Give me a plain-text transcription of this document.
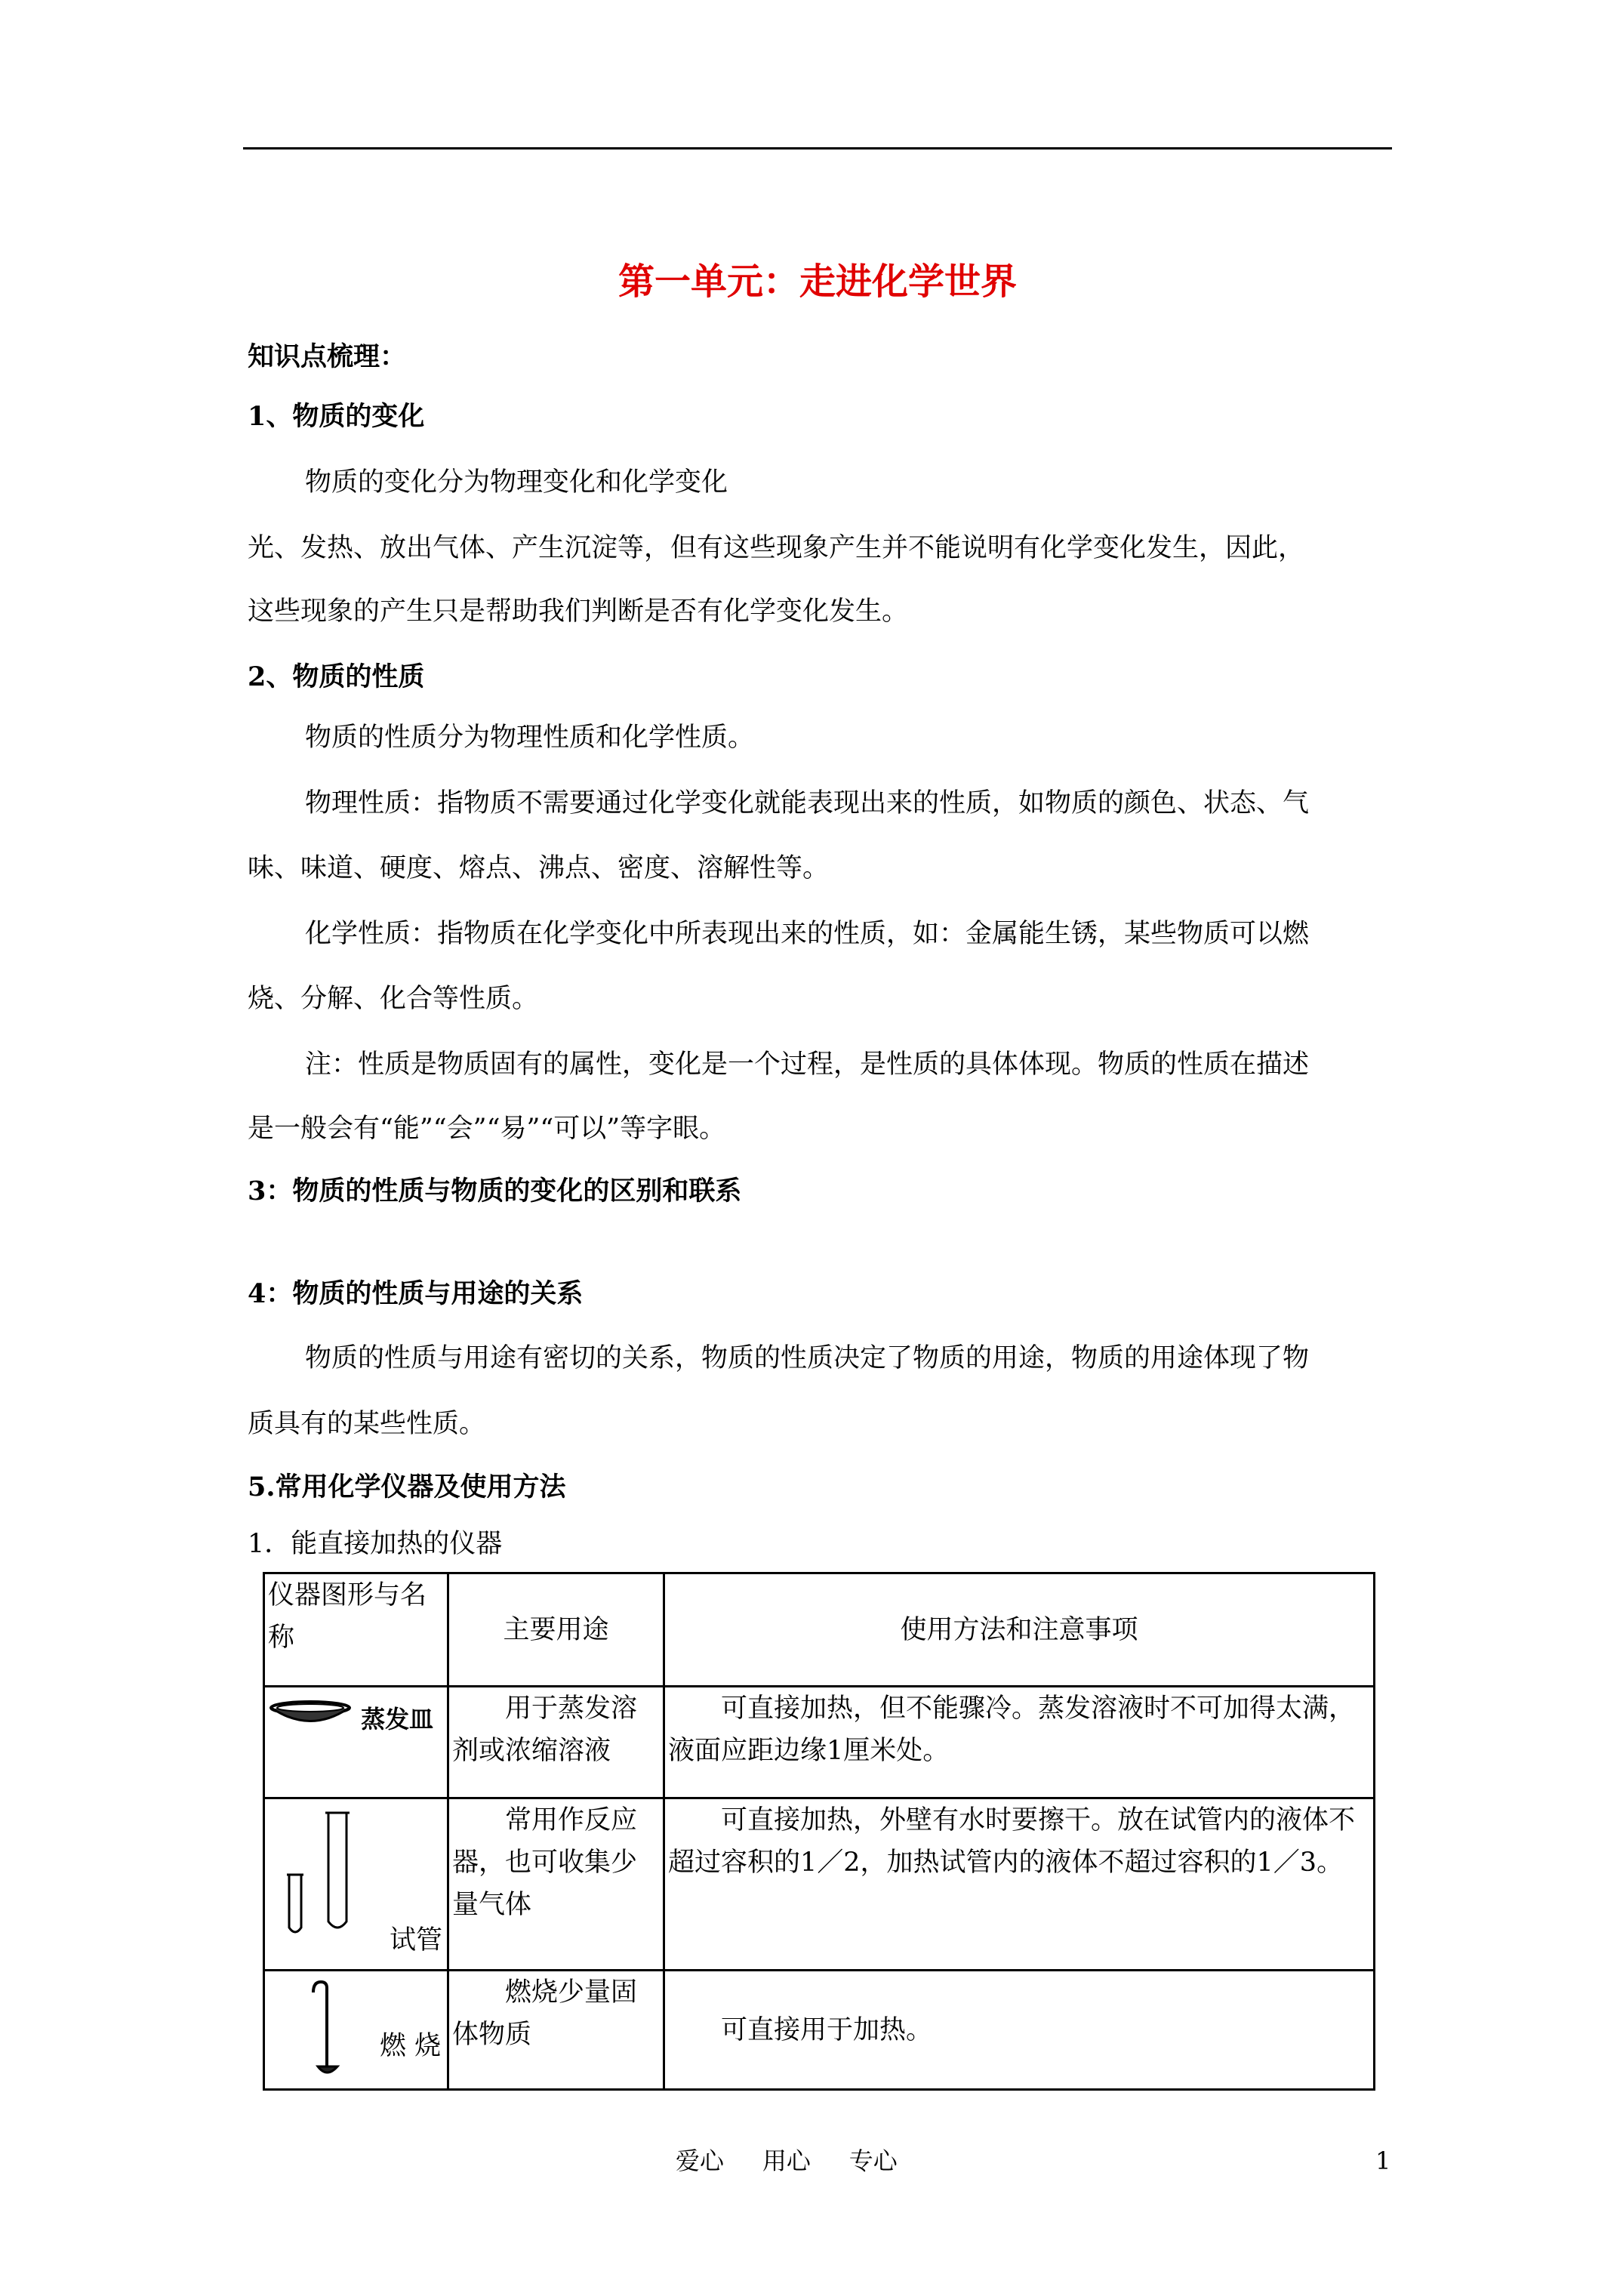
第一单元：走进化学世界
知识点梳理：
1、物质的变化
物质的变化分为物理变化和化学变化
光、发热、放出气体、产生沉淀等，但有这些现象产生并不能说明有化学变化发生，因此，
这些现象的产生只是帮助我们判断是否有化学变化发生。
2、物质的性质
物质的性质分为物理性质和化学性质。
物理性质：指物质不需要通过化学变化就能表现出来的性质，如物质的颜色、状态、气
味、味道、硬度、熔点、沸点、密度、溶解性等。
化学性质：指物质在化学变化中所表现出来的性质，如：金属能生锈，某些物质可以燃
烧、分解、化合等性质。
注：性质是物质固有的属性，变化是一个过程，是性质的具体体现。物质的性质在描述
是一般会有“能”“会”“易”“可以”等字眼。
3：物质的性质与物质的变化的区别和联系
4：物质的性质与用途的关系
物质的性质与用途有密切的关系，物质的性质决定了物质的用途，物质的用途体现了物
质具有的某些性质。
5.常用化学仪器及使用方法
1．能直接加热的仪器
仪器图形与名称	主要用途	使用方法和注意事项
蒸发皿	用于蒸发溶剂或浓缩溶液	可直接加热，但不能骤冷。蒸发溶液时不可加得太满，液面应距边缘1厘米处。

试管	常用作反应器，也可收集少量气体	可直接加热，外壁有水时要擦干。放在试管内的液体不超过容积的1／2，加热试管内的液体不超过容积的1／3。

燃 烧	燃烧少量固体物质	可直接用于加热。
爱心     用心     专心	1
